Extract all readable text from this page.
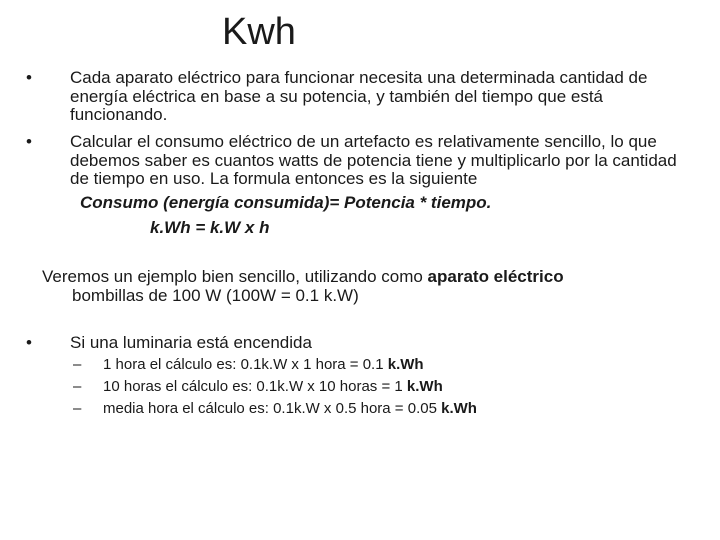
Kwh

• Cada aparato eléctrico para funcionar necesita una determinada cantidad de energía eléctrica en base a su potencia, y también del tiempo que está funcionando.

• Calcular el consumo eléctrico de un artefacto es relativamente sencillo, lo que debemos saber es cuantos watts de potencia tiene y multiplicarlo por la cantidad de tiempo en uso. La formula entonces es la siguiente

Consumo (energía consumida)= Potencia * tiempo.
k.Wh = k.W x h
Veremos un ejemplo bien sencillo, utilizando como aparato eléctrico
bombillas de 100 W (100W = 0.1 k.W)
• Si una luminaria está encendida
– 1 hora el cálculo es: 0.1k.W x 1 hora = 0.1 k.Wh
– 10 horas el cálculo es: 0.1k.W x 10 horas = 1 k.Wh
– media hora el cálculo es: 0.1k.W x 0.5 hora = 0.05 k.Wh
